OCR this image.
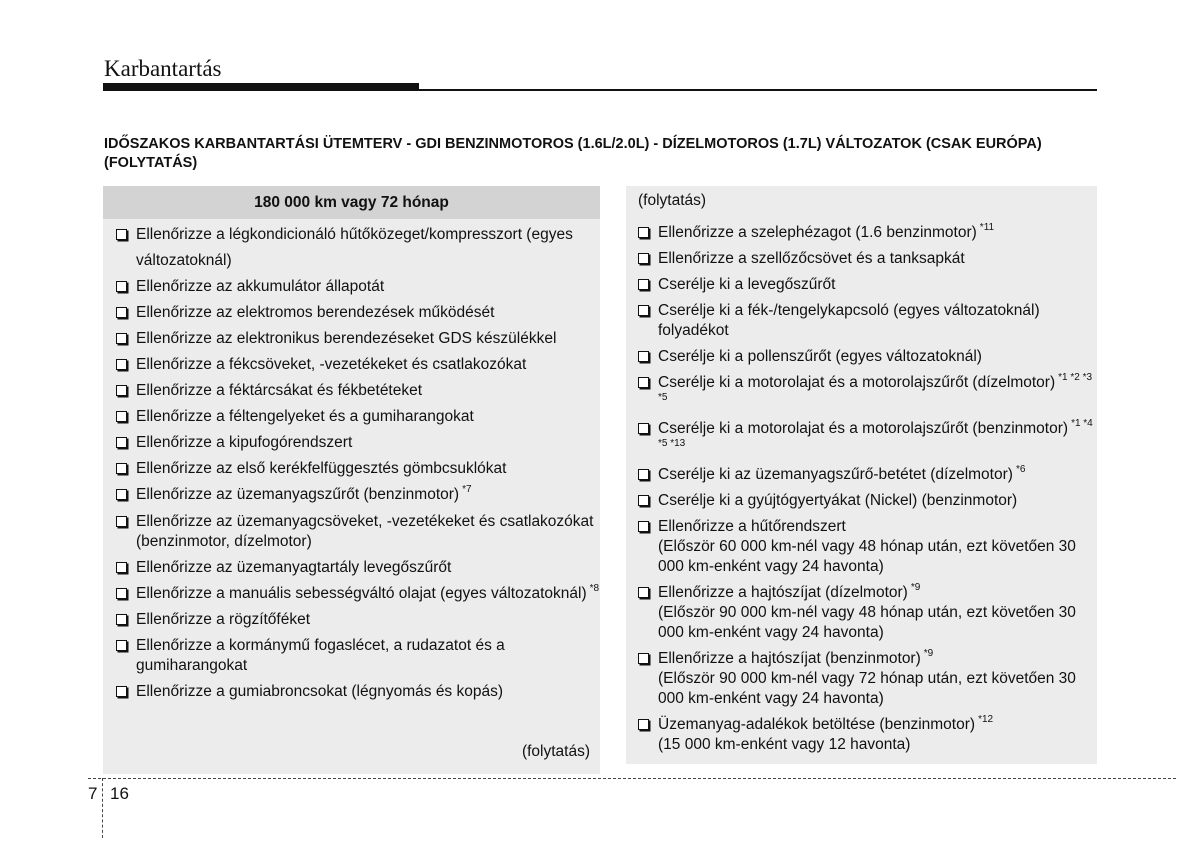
Karbantartás
IDŐSZAKOS KARBANTARTÁSI ÜTEMTERV - GDI BENZINMOTOROS (1.6L/2.0L) - DÍZELMOTOROS (1.7L) VÁLTOZATOK (CSAK EURÓPA) (FOLYTATÁS)
180 000 km vagy 72 hónap
Ellenőrizze a légkondicionáló hűtőközeget/kompresszort (egyes változatoknál)
Ellenőrizze az akkumulátor állapotát
Ellenőrizze az elektromos berendezések működését
Ellenőrizze az elektronikus berendezéseket GDS készülékkel
Ellenőrizze a fékcsöveket, -vezetékeket és csatlakozókat
Ellenőrizze a féktárcsákat és fékbetéteket
Ellenőrizze a féltengelyeket és a gumiharangokat
Ellenőrizze a kipufogórendszert
Ellenőrizze az első kerékfelfüggesztés gömbcsuklókat
Ellenőrizze az üzemanyagszűrőt (benzinmotor) $^{*7}$
Ellenőrizze az üzemanyagcsöveket, -vezetékeket és csatlakozókat (benzinmotor, dízelmotor)
Ellenőrizze az üzemanyagtartály levegőszűrőt
Ellenőrizze a manuális sebességváltó olajat (egyes változatoknál) $^{*8}$
Ellenőrizze a rögzítőféket
Ellenőrizze a kormánymű fogaslécet, a rudazatot és a gumiharangokat
Ellenőrizze a gumiabroncsokat (légnyomás és kopás)
(folytatás)
(folytatás)
Ellenőrizze a szelephézagot (1.6 benzinmotor) $^{*11}$
Ellenőrizze a szellőzőcsövet és a tanksapkát
Cserélje ki a levegőszűrőt
Cserélje ki a fék-/tengelykapcsoló (egyes változatoknál) folyadékot
Cserélje ki a pollenszűrőt (egyes változatoknál)
Cserélje ki a motorolajat és a motorolajszűrőt (dízelmotor) $^{*1 *2 *3 *5}$
Cserélje ki a motorolajat és a motorolajszűrőt (benzinmotor) $^{*1 *4 *5 *13}$
Cserélje ki az üzemanyagszűrő-betétet (dízelmotor) $^{*6}$
Cserélje ki a gyújtógyertyákat (Nickel) (benzinmotor)
Ellenőrizze a hűtőrendszert
(Először 60 000 km-nél vagy 48 hónap után, ezt követően 30 000 km-enként vagy 24 havonta)
Ellenőrizze a hajtószíjat (dízelmotor) $^{*9}$
(Először 90 000 km-nél vagy 48 hónap után, ezt követően 30 000 km-enként vagy 24 havonta)
Ellenőrizze a hajtószíjat (benzinmotor) $^{*9}$
(Először 90 000 km-nél vagy 72 hónap után, ezt követően 30 000 km-enként vagy 24 havonta)
Üzemanyag-adalékok betöltése (benzinmotor) $^{*12}$
(15 000 km-enként vagy 12 havonta)
7 16
